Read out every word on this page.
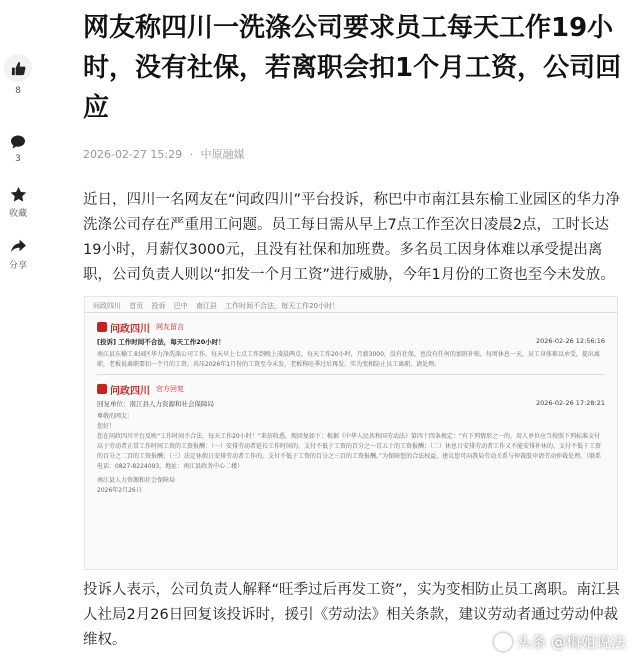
8
3
收藏
分享
网友称四川一洗涤公司要求员工每天工作19小时，没有社保，若离职会扣1个月工资，公司回应
2026-02-27 15:29 · 中原融媒

近日，四川一名网友在“问政四川”平台投诉，称巴中市南江县东榆工业园区的华力净洗涤公司存在严重用工问题。员工每日需从早上7点工作至次日凌晨2点，工时长达19小时，月薪仅3000元，且没有社保和加班费。多名员工因身体难以承受提出离职，公司负责人则以“扣发一个月工资”进行威胁，今年1月份的工资也至今未发放。

问政四川 首页 投诉 巴中 南江县 工作时间不合法，每天工作20小时！
问政四川 网友留言
[投诉] 工作时间不合法，每天工作20小时！	2026-02-26 12:56:16
南江县东榆工业园区华力净洗涤公司工作，每天早上七点工作到晚上凌晨两点，每天工作20小时，月薪3000，没有社保，也没有任何的加班补贴，每周休息一天，员工身体难以承受，提出离职，老板说离职要扣一个月的工资，共压2026年1月份的工资至今未发，老板称旺季过后再发，实为变相防止员工离职，请处理。
问政四川 官方回复
回复单位：南江县人力资源和社会保障局	2026-02-26 17:28:21
尊敬的网友：
您好！
您在问政四川平台反映“工作时间不合法，每天工作20小时！”来信收悉，现回复如下：根据《中华人民共和国劳动法》第四十四条规定：“有下列情形之一的，用人单位应当按照下列标准支付高于劳动者正常工作时间工资的工资报酬：（一）安排劳动者延长工作时间的，支付不低于工资的百分之一百五十的工资报酬；（二）休息日安排劳动者工作又不能安排补休的，支付不低于工资的百分之二百的工资报酬；（三）法定休假日安排劳动者工作的，支付不低于工资的百分之三百的工资报酬。”为保障您的合法权益，建议您可向我局劳动关系与仲裁股申请劳动仲裁处理。（联系电话：0827-8224093，地址：南江县政务中心二楼）
南江县人力资源和社会保障局
2026年2月26日

投诉人表示，公司负责人解释“旺季过后再发工资”，实为变相防止员工离职。南江县人社局2月26日回复该投诉时，援引《劳动法》相关条款，建议劳动者通过劳动仲裁维权。	头条 @梅姐说法
